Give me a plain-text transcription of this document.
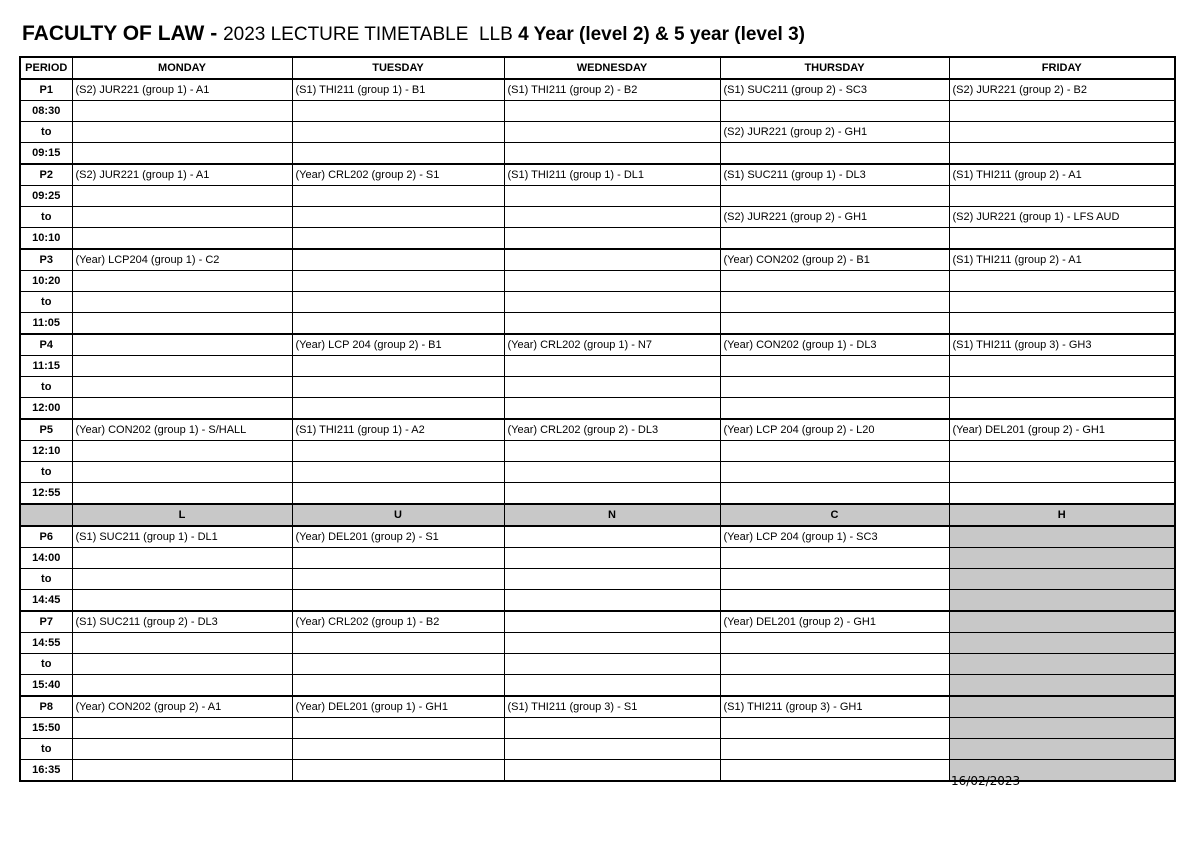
FACULTY OF LAW - 2023 LECTURE TIMETABLE  LLB 4 Year (level 2) & 5 year (level 3)
PERIOD	MONDAY	TUESDAY	WEDNESDAY	THURSDAY	FRIDAY
P1	(S2) JUR221 (group 1) - A1	(S1) THI211 (group 1) - B1	(S1) THI211 (group 2) - B2	(S1) SUC211 (group 2) - SC3	(S2) JUR221 (group 2) - B2
08:30					
to				(S2) JUR221 (group 2) - GH1	
09:15					
P2	(S2) JUR221 (group 1) - A1	(Year) CRL202 (group 2) - S1	(S1) THI211 (group 1) - DL1	(S1) SUC211 (group 1) - DL3	(S1) THI211 (group 2) - A1
09:25					
to				(S2) JUR221 (group 2) - GH1	(S2) JUR221 (group 1) - LFS AUD
10:10					
P3	(Year) LCP204 (group 1) - C2			(Year) CON202 (group 2) - B1	(S1) THI211 (group 2) - A1
10:20					
to					
11:05					
P4		(Year) LCP 204 (group 2) - B1	(Year) CRL202 (group 1) - N7	(Year) CON202 (group 1) - DL3	(S1) THI211 (group 3) - GH3
11:15					
to					
12:00					
P5	(Year) CON202 (group 1) - S/HALL	(S1) THI211 (group 1) - A2	(Year) CRL202 (group 2) - DL3	(Year) LCP 204 (group 2) - L20	(Year) DEL201 (group 2) - GH1
12:10					
to					
12:55					
	L	U	N	C	H
P6	(S1) SUC211 (group 1) - DL1	(Year) DEL201 (group 2) - S1		(Year) LCP 204 (group 1) - SC3	
14:00					
to					
14:45					
P7	(S1) SUC211 (group 2) - DL3	(Year) CRL202 (group 1) - B2		(Year) DEL201 (group 2) - GH1	
14:55					
to					
15:40					
P8	(Year) CON202 (group 2) - A1	(Year) DEL201 (group 1) - GH1	(S1) THI211 (group 3) - S1	(S1) THI211 (group 3) - GH1	
15:50					
to					
16:35					
16/02/2023
